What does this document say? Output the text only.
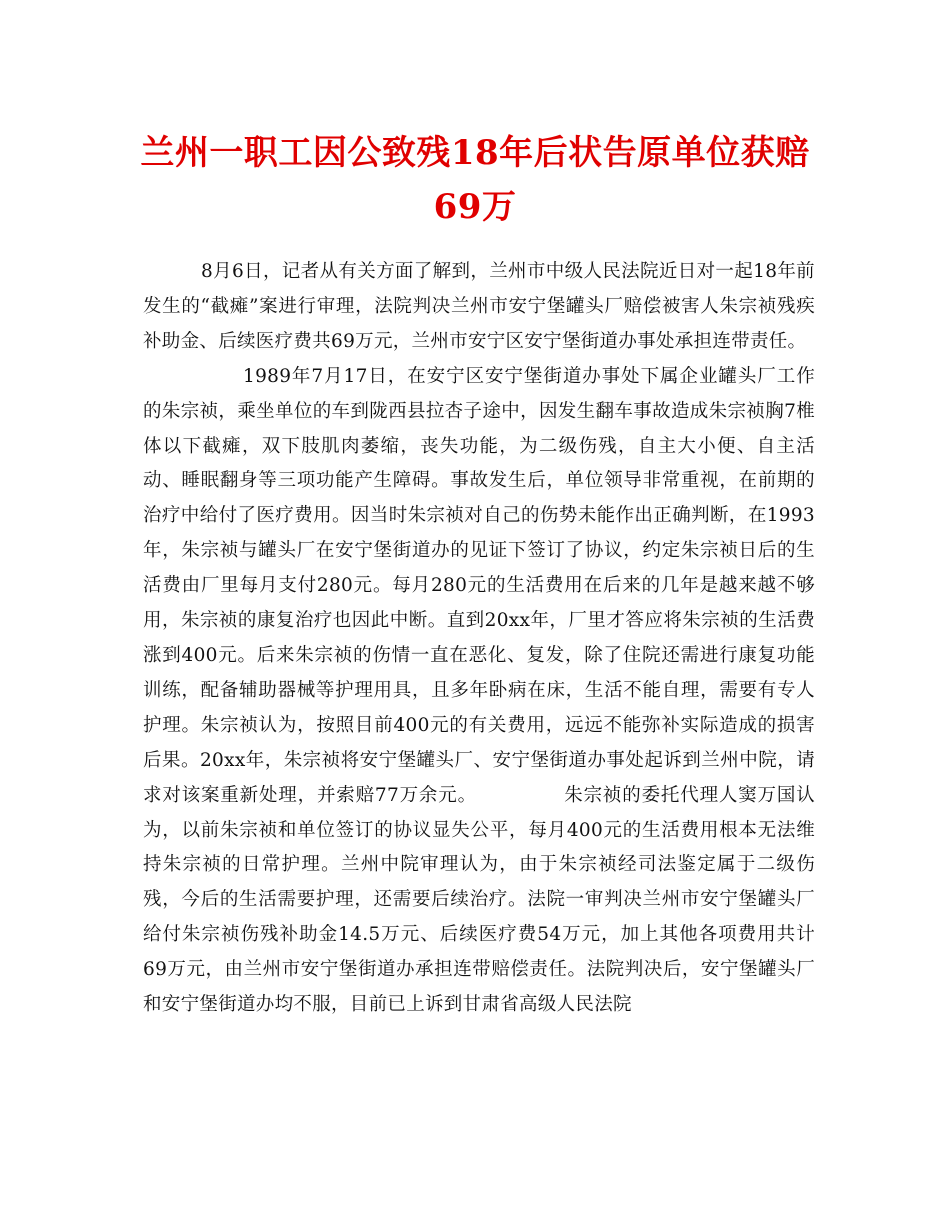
兰州一职工因公致残18年后状告原单位获赔
69万

8月6日，记者从有关方面了解到，兰州市中级人民法院近日对一起18年前发生的“截瘫”案进行审理，法院判决兰州市安宁堡罐头厂赔偿被害人朱宗祯残疾补助金、后续医疗费共69万元，兰州市安宁区安宁堡街道办事处承担连带责任。

1989年7月17日，在安宁区安宁堡街道办事处下属企业罐头厂工作的朱宗祯，乘坐单位的车到陇西县拉杏子途中，因发生翻车事故造成朱宗祯胸7椎体以下截瘫，双下肢肌肉萎缩，丧失功能，为二级伤残，自主大小便、自主活动、睡眠翻身等三项功能产生障碍。事故发生后，单位领导非常重视，在前期的治疗中给付了医疗费用。因当时朱宗祯对自己的伤势未能作出正确判断，在1993年，朱宗祯与罐头厂在安宁堡街道办的见证下签订了协议，约定朱宗祯日后的生活费由厂里每月支付280元。每月280元的生活费用在后来的几年是越来越不够用，朱宗祯的康复治疗也因此中断。直到20xx年，厂里才答应将朱宗祯的生活费涨到400元。后来朱宗祯的伤情一直在恶化、复发，除了住院还需进行康复功能训练，配备辅助器械等护理用具，且多年卧病在床，生活不能自理，需要有专人护理。朱宗祯认为，按照目前400元的有关费用，远远不能弥补实际造成的损害后果。20xx年，朱宗祯将安宁堡罐头厂、安宁堡街道办事处起诉到兰州中院，请求对该案重新处理，并索赔77万余元。　　　　　朱宗祯的委托代理人窦万国认为，以前朱宗祯和单位签订的协议显失公平，每月400元的生活费用根本无法维持朱宗祯的日常护理。兰州中院审理认为，由于朱宗祯经司法鉴定属于二级伤残，今后的生活需要护理，还需要后续治疗。法院一审判决兰州市安宁堡罐头厂给付朱宗祯伤残补助金14.5万元、后续医疗费54万元，加上其他各项费用共计69万元，由兰州市安宁堡街道办承担连带赔偿责任。法院判决后，安宁堡罐头厂和安宁堡街道办均不服，目前已上诉到甘肃省高级人民法院
